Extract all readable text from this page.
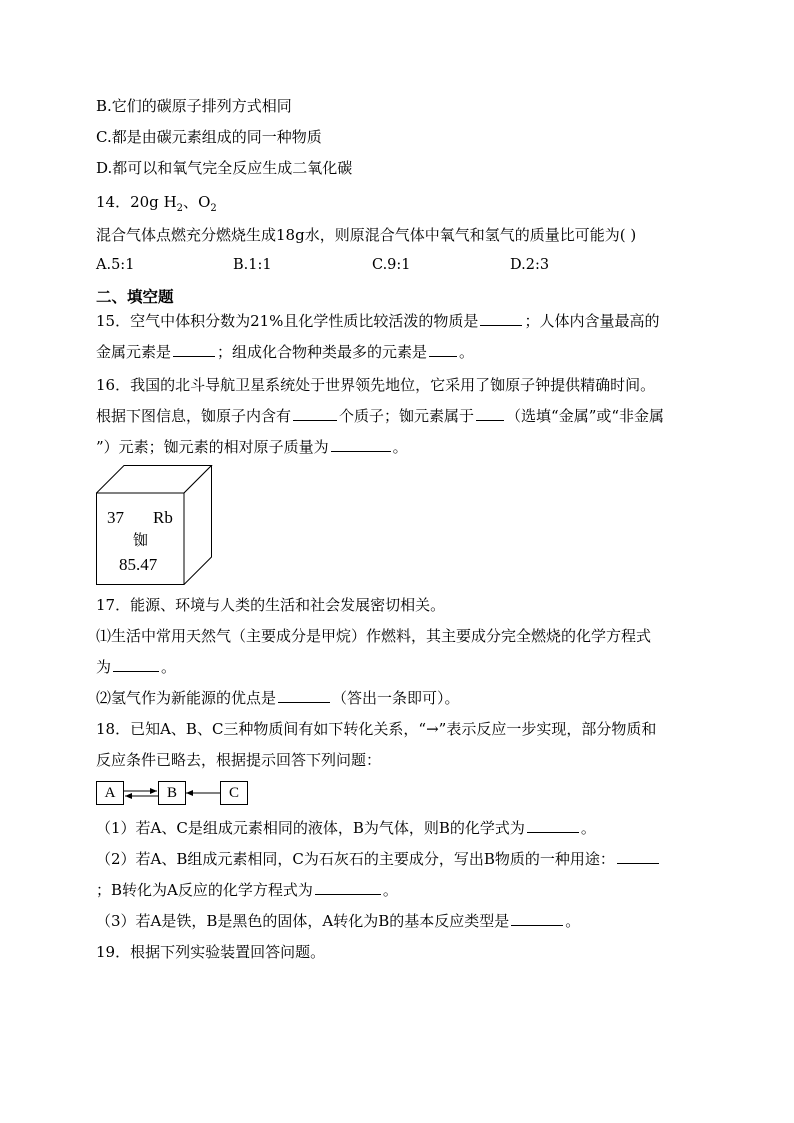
B.它们的碳原子排列方式相同
C.都是由碳元素组成的同一种物质
D.都可以和氧气完全反应生成二氧化碳
14．20g $H_2$、$O_2$
混合气体点燃充分燃烧生成18g水，则原混合气体中氧气和氢气的质量比可能为( )
A.5:1	B.1:1	C.9:1	D.2:3
二、填空题
15．空气中体积分数为21%且化学性质比较活泼的物质是	；人体内含量最高的
金属元素是	；组成化合物种类最多的元素是 。
16．我国的北斗导航卫星系统处于世界领先地位，它采用了铷原子钟提供精确时间。
根据下图信息，铷原子内含有	个质子；铷元素属于 （选填“金属”或“非金属
”）元素；铷元素的相对原子质量为	。
37 Rb
铷
85.47
17．能源、环境与人类的生活和社会发展密切相关。
⑴生活中常用天然气（主要成分是甲烷）作燃料，其主要成分完全燃烧的化学方程式
为	。
⑵氢气作为新能源的优点是	（答出一条即可）。
18．已知A、B、C三种物质间有如下转化关系，“→”表示反应一步实现，部分物质和
反应条件已略去，根据提示回答下列问题：
A	B	C
（1）若A、C是组成元素相同的液体，B为气体，则B的化学式为	。
（2）若A、B组成元素相同，C为石灰石的主要成分，写出B物质的一种用途：
；B转化为A反应的化学方程式为	。
（3）若A是铁，B是黑色的固体，A转化为B的基本反应类型是	。
19．根据下列实验装置回答问题。
